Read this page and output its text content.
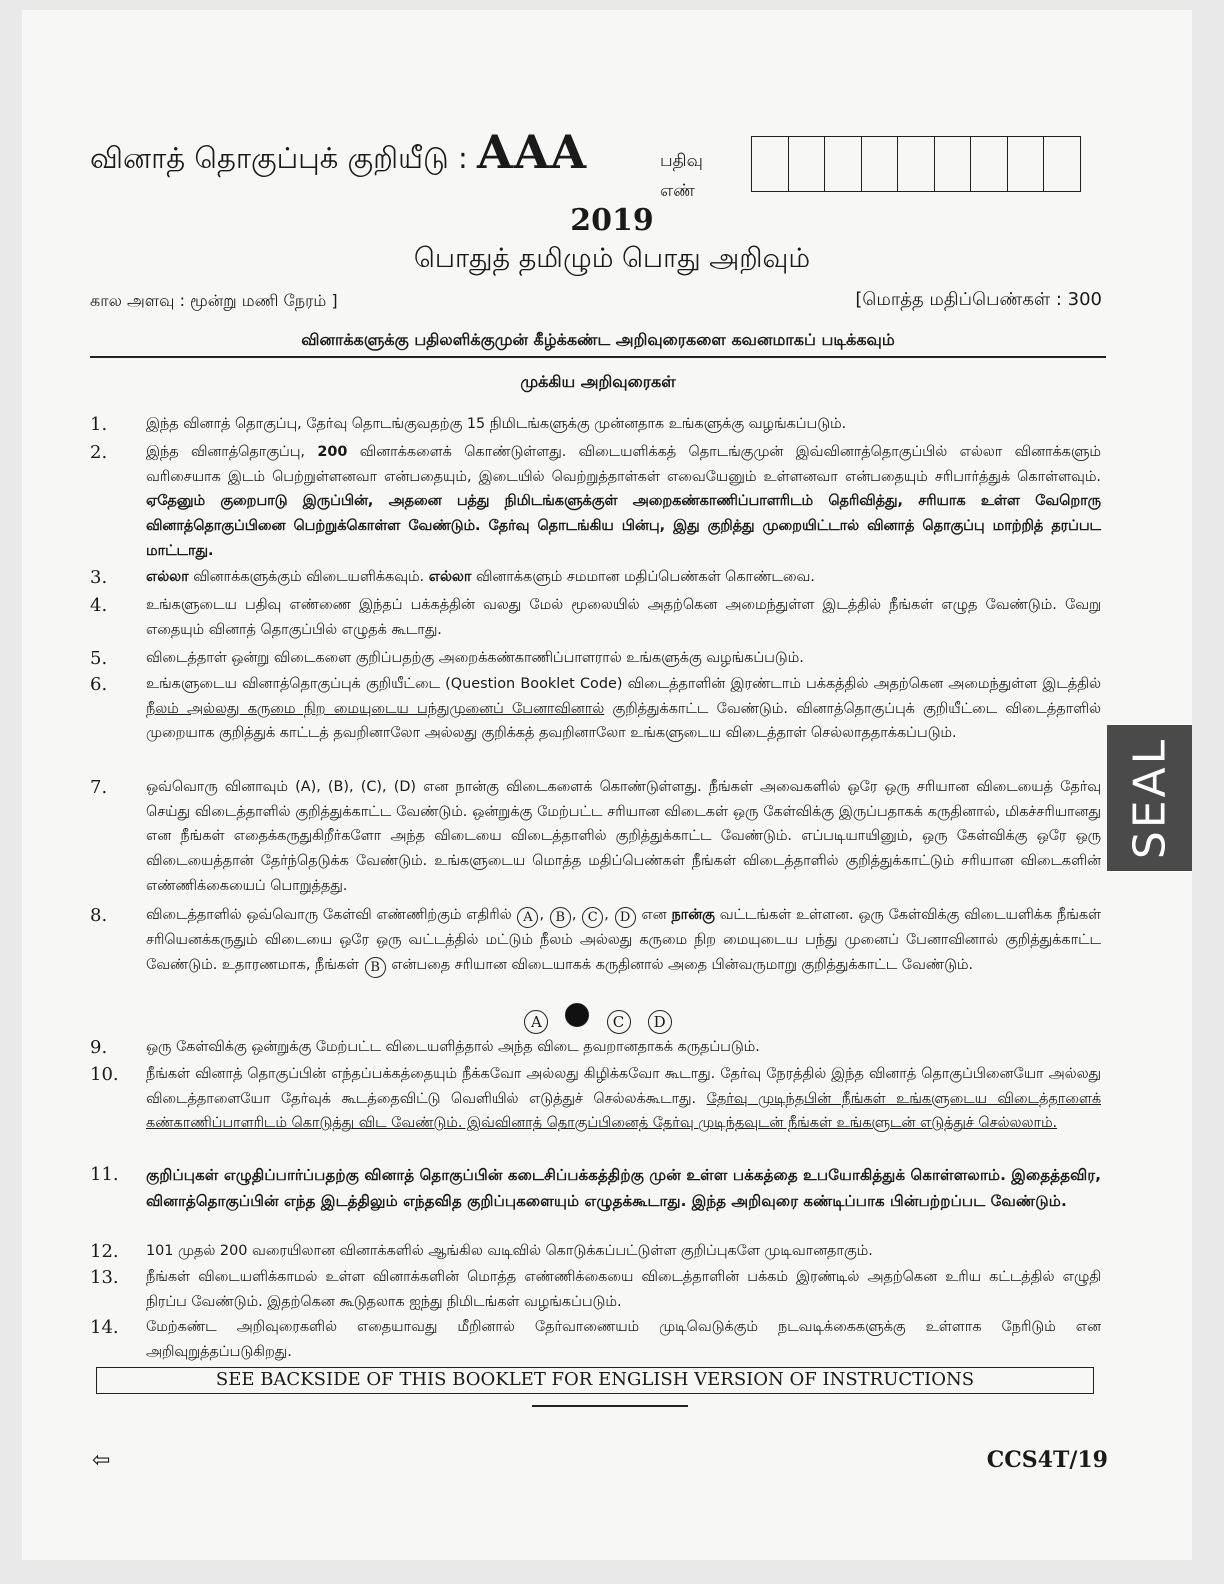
வினாத் தொகுப்புக் குறியீடு : AAA	பதிவு
எண்
2019
பொதுத் தமிழும் பொது அறிவும்
கால அளவு : மூன்று மணி நேரம் ]	[மொத்த மதிப்பெண்கள் : 300
வினாக்களுக்கு பதிலளிக்குமுன் கீழ்க்கண்ட அறிவுரைகளை கவனமாகப் படிக்கவும்
முக்கிய அறிவுரைகள்
1.	இந்த வினாத் தொகுப்பு, தேர்வு தொடங்குவதற்கு 15 நிமிடங்களுக்கு முன்னதாக உங்களுக்கு வழங்கப்படும்.
2.	இந்த வினாத்தொகுப்பு, 200 வினாக்களைக் கொண்டுள்ளது. விடையளிக்கத் தொடங்குமுன் இவ்வினாத்தொகுப்பில் எல்லா வினாக்களும் வரிசையாக இடம் பெற்றுள்ளனவா என்பதையும், இடையில் வெற்றுத்தாள்கள் எவையேனும் உள்ளனவா என்பதையும் சரிபார்த்துக் கொள்ளவும். ஏதேனும் குறைபாடு இருப்பின், அதனை பத்து நிமிடங்களுக்குள் அறைகண்காணிப்பாளரிடம் தெரிவித்து, சரியாக உள்ள வேறொரு வினாத்தொகுப்பினை பெற்றுக்கொள்ள வேண்டும். தேர்வு தொடங்கிய பின்பு, இது குறித்து முறையிட்டால் வினாத் தொகுப்பு மாற்றித் தரப்பட மாட்டாது.
3.	எல்லா வினாக்களுக்கும் விடையளிக்கவும். எல்லா வினாக்களும் சமமான மதிப்பெண்கள் கொண்டவை.
4.	உங்களுடைய பதிவு எண்ணை இந்தப் பக்கத்தின் வலது மேல் மூலையில் அதற்கென அமைந்துள்ள இடத்தில் நீங்கள் எழுத வேண்டும். வேறு எதையும் வினாத் தொகுப்பில் எழுதக் கூடாது.
5.	விடைத்தாள் ஒன்று விடைகளை குறிப்பதற்கு அறைக்கண்காணிப்பாளரால் உங்களுக்கு வழங்கப்படும்.
6.	உங்களுடைய வினாத்தொகுப்புக் குறியீட்டை (Question Booklet Code) விடைத்தாளின் இரண்டாம் பக்கத்தில் அதற்கென அமைந்துள்ள இடத்தில் நீலம் அல்லது கருமை நிற மையுடைய பந்துமுனைப் பேனாவினால் குறித்துக்காட்ட வேண்டும். வினாத்தொகுப்புக் குறியீட்டை விடைத்தாளில் முறையாக குறித்துக் காட்டத் தவறினாலோ அல்லது குறிக்கத் தவறினாலோ உங்களுடைய விடைத்தாள் செல்லாததாக்கப்படும்.
7.	ஒவ்வொரு வினாவும் (A), (B), (C), (D) என நான்கு விடைகளைக் கொண்டுள்ளது. நீங்கள் அவைகளில் ஒரே ஒரு சரியான விடையைத் தேர்வு செய்து விடைத்தாளில் குறித்துக்காட்ட வேண்டும். ஒன்றுக்கு மேற்பட்ட சரியான விடைகள் ஒரு கேள்விக்கு இருப்பதாகக் கருதினால், மிகச்சரியானது என நீங்கள் எதைக்கருதுகிறீர்களோ அந்த விடையை விடைத்தாளில் குறித்துக்காட்ட வேண்டும். எப்படியாயினும், ஒரு கேள்விக்கு ஒரே ஒரு விடையைத்தான் தேர்ந்தெடுக்க வேண்டும். உங்களுடைய மொத்த மதிப்பெண்கள் நீங்கள் விடைத்தாளில் குறித்துக்காட்டும் சரியான விடைகளின் எண்ணிக்கையைப் பொறுத்தது.
8.	விடைத்தாளில் ஒவ்வொரு கேள்வி எண்ணிற்கும் எதிரில் A , B , C , D என நான்கு வட்டங்கள் உள்ளன. ஒரு கேள்விக்கு விடையளிக்க நீங்கள் சரியெனக்கருதும் விடையை ஒரே ஒரு வட்டத்தில் மட்டும் நீலம் அல்லது கருமை நிற மையுடைய பந்து முனைப் பேனாவினால் குறித்துக்காட்ட வேண்டும். உதாரணமாக, நீங்கள் B என்பதை சரியான விடையாகக் கருதினால் அதை பின்வருமாறு குறித்துக்காட்ட வேண்டும்.
9.	ஒரு கேள்விக்கு ஒன்றுக்கு மேற்பட்ட விடையளித்தால் அந்த விடை தவறானதாகக் கருதப்படும்.
10. நீங்கள் வினாத் தொகுப்பின் எந்தப்பக்கத்தையும் நீக்கவோ அல்லது கிழிக்கவோ கூடாது. தேர்வு நேரத்தில் இந்த வினாத் தொகுப்பினையோ அல்லது விடைத்தாளையோ தேர்வுக் கூடத்தைவிட்டு வெளியில் எடுத்துச் செல்லக்கூடாது. தேர்வு முடிந்தபின் நீங்கள் உங்களுடைய விடைத்தாளைக் கண்காணிப்பாளரிடம் கொடுத்து விட வேண்டும். இவ்வினாத் தொகுப்பினைத் தேர்வு முடிந்தவுடன் நீங்கள் உங்களுடன் எடுத்துச் செல்லலாம்.
11. குறிப்புகள் எழுதிப்பார்ப்பதற்கு வினாத் தொகுப்பின் கடைசிப்பக்கத்திற்கு முன் உள்ள பக்கத்தை உபயோகித்துக் கொள்ளலாம். இதைத்தவிர, வினாத்தொகுப்பின் எந்த இடத்திலும் எந்தவித குறிப்புகளையும் எழுதக்கூடாது. இந்த அறிவுரை கண்டிப்பாக பின்பற்றப்பட வேண்டும்.
12. 101 முதல் 200 வரையிலான வினாக்களில் ஆங்கில வடிவில் கொடுக்கப்பட்டுள்ள குறிப்புகளே முடிவானதாகும்.
13. நீங்கள் விடையளிக்காமல் உள்ள வினாக்களின் மொத்த எண்ணிக்கையை விடைத்தாளின் பக்கம் இரண்டில் அதற்கென உரிய கட்டத்தில் எழுதி நிரப்ப வேண்டும். இதற்கென கூடுதலாக ஐந்து நிமிடங்கள் வழங்கப்படும்.
14. மேற்கண்ட அறிவுரைகளில் எதையாவது மீறினால் தேர்வாணையம் முடிவெடுக்கும் நடவடிக்கைகளுக்கு உள்ளாக நேரிடும் என அறிவுறுத்தப்படுகிறது.
A	C D
SEE BACKSIDE OF THIS BOOKLET FOR ENGLISH VERSION OF INSTRUCTIONS
SEAL
⇦	CCS4T/19
